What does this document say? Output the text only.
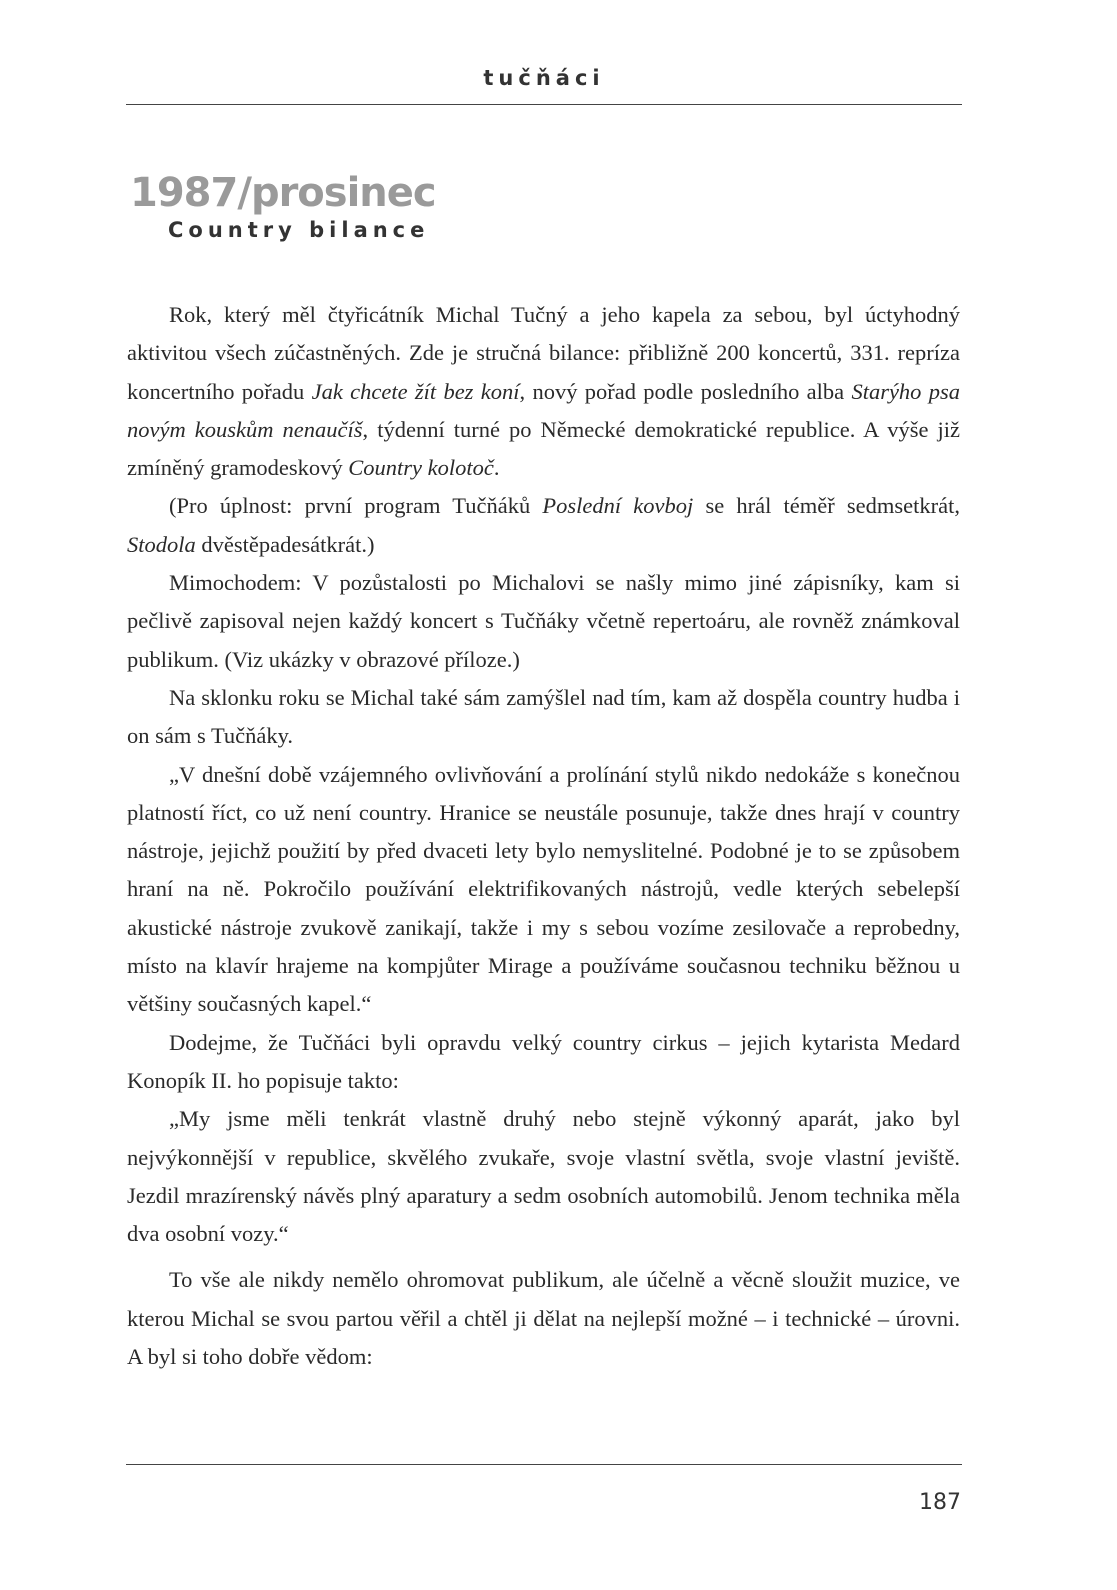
tučňáci
1987/prosinec
Country bilance

Rok, který měl čtyřicátník Michal Tučný a jeho kapela za sebou, byl úctyhodný aktivitou všech zúčastněných. Zde je stručná bilance: přibližně 200 koncertů, 331. repríza koncertního pořadu Jak chcete žít bez koní, nový pořad podle posledního alba Starýho psa novým kouskům nenaučíš, týdenní turné po Německé demokratické republice. A výše již zmíněný gramodeskový Country kolotoč.

(Pro úplnost: první program Tučňáků Poslední kovboj se hrál téměř sedmsetkrát, Stodola dvěstěpadesátkrát.)

Mimochodem: V pozůstalosti po Michalovi se našly mimo jiné zápisníky, kam si pečlivě zapisoval nejen každý koncert s Tučňáky včetně repertoáru, ale rovněž známkoval publikum. (Viz ukázky v obrazové příloze.)

Na sklonku roku se Michal také sám zamýšlel nad tím, kam až dospěla country hudba i on sám s Tučňáky.

„V dnešní době vzájemného ovlivňování a prolínání stylů nikdo nedokáže s konečnou platností říct, co už není country. Hranice se neustále posunuje, takže dnes hrají v country nástroje, jejichž použití by před dvaceti lety bylo nemyslitelné. Podobné je to se způsobem hraní na ně. Pokročilo používání elektrifikovaných nástrojů, vedle kterých sebelepší akustické nástroje zvukově zanikají, takže i my s sebou vozíme zesilovače a reprobedny, místo na klavír hrajeme na kompjůter Mirage a používáme současnou techniku běžnou u většiny současných kapel.“

Dodejme, že Tučňáci byli opravdu velký country cirkus – jejich kytarista Medard Konopík II. ho popisuje takto:

„My jsme měli tenkrát vlastně druhý nebo stejně výkonný aparát, jako byl nejvýkonnější v republice, skvělého zvukaře, svoje vlastní světla, svoje vlastní jeviště. Jezdil mrazírenský návěs plný aparatury a sedm osobních automobilů. Jenom technika měla dva osobní vozy.“

To vše ale nikdy nemělo ohromovat publikum, ale účelně a věcně sloužit muzice, ve kterou Michal se svou partou věřil a chtěl ji dělat na nejlepší možné – i technické – úrovni. A byl si toho dobře vědom:

187
